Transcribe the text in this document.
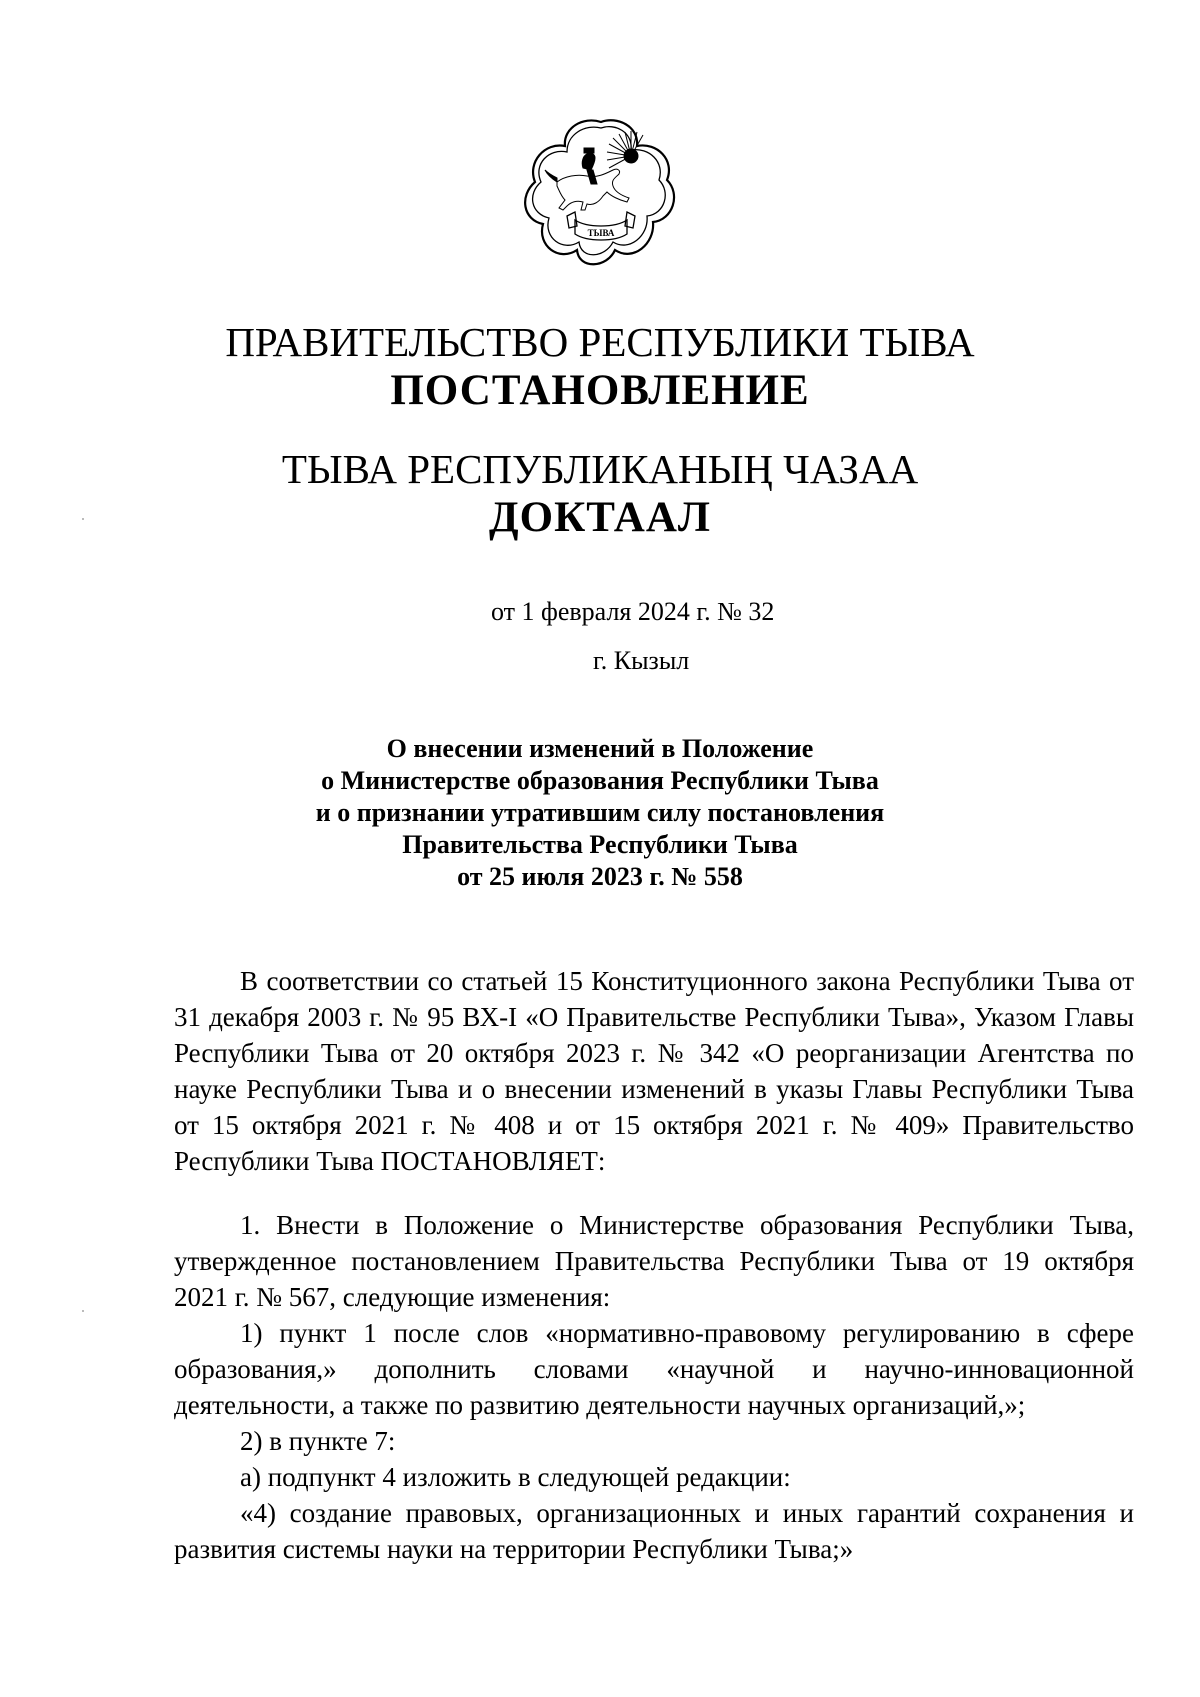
ТЫВА
ПРАВИТЕЛЬСТВО РЕСПУБЛИКИ ТЫВА
ПОСТАНОВЛЕНИЕ
ТЫВА РЕСПУБЛИКАНЫҢ ЧАЗАА
ДОКТААЛ
от 1 февраля 2024 г. № 32
г. Кызыл
О внесении изменений в Положение
о Министерстве образования Республики Тыва
и о признании утратившим силу постановления
Правительства Республики Тыва
от 25 июля 2023 г. № 558

В соответствии со статьей 15 Конституционного закона Республики Тыва от 31 декабря 2003 г. № 95 ВХ-I «О Правительстве Республики Тыва», Указом Главы Республики Тыва от 20 октября 2023 г. № 342 «О реорганизации Агентства по науке Республики Тыва и о внесении изменений в указы Главы Республики Тыва от 15 октября 2021 г. № 408 и от 15 октября 2021 г. № 409» Правительство Республики Тыва ПОСТАНОВЛЯЕТ:

1. Внести в Положение о Министерстве образования Республики Тыва, утвержденное постановлением Правительства Республики Тыва от 19 октября 2021 г. № 567, следующие изменения:

1) пункт 1 после слов «нормативно-правовому регулированию в сфере образования,» дополнить словами «научной и научно-инновационной деятельности, а также по развитию деятельности научных организаций,»;

2) в пункте 7:

а) подпункт 4 изложить в следующей редакции:

«4) создание правовых, организационных и иных гарантий сохранения и развития системы науки на территории Республики Тыва;»
